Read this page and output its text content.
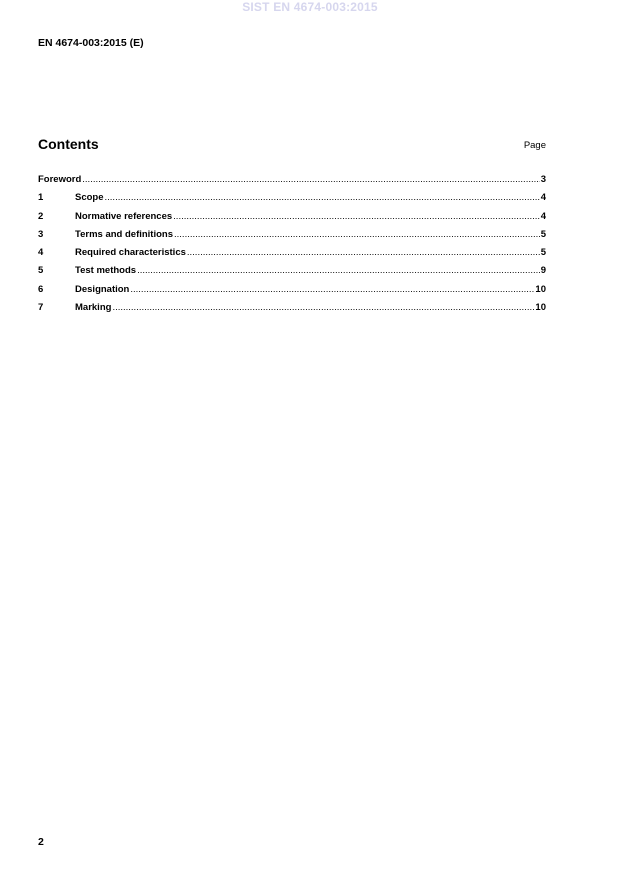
SIST EN 4674-003:2015
EN 4674-003:2015 (E)
Contents	Page
Foreword .....	3
1	Scope .....	4
2	Normative references .....	4
3	Terms and definitions .....	5
4	Required characteristics .....	5
5	Test methods .....	9
6	Designation .....	10
7	Marking .....	10
2
